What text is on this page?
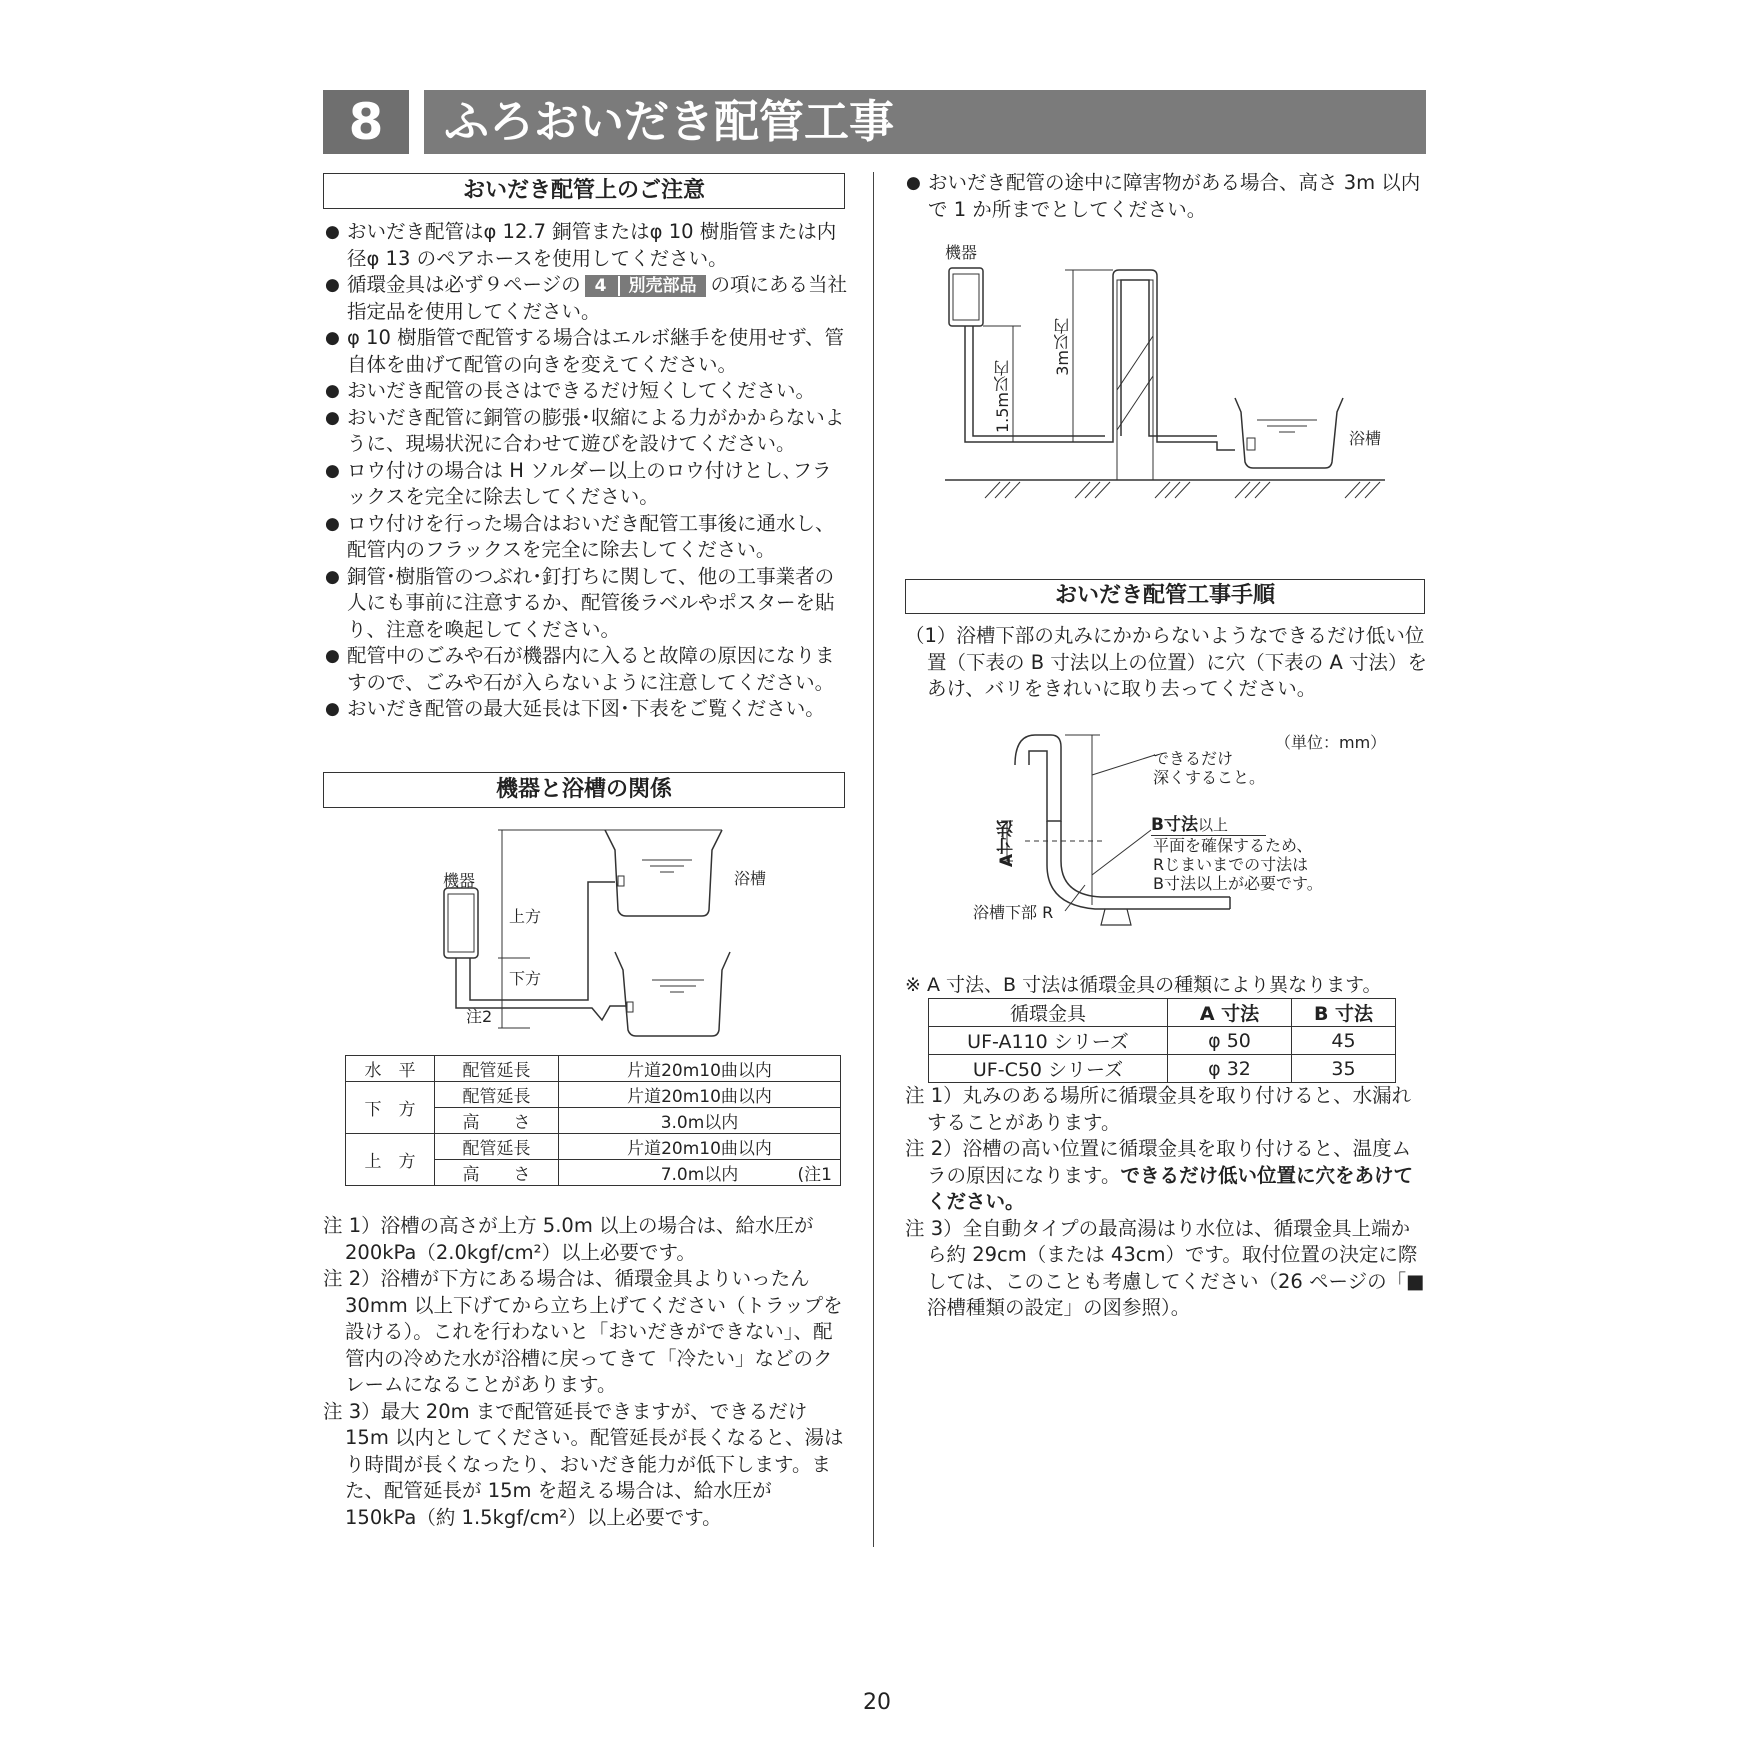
8	ふろおいだき配管工事
おいだき配管上のご注意
● おいだき配管はφ 12.7 銅管またはφ 10 樹脂管または内径φ 13 のペアホースを使用してください。
● 循環金具は必ず９ページの 4 別売部品 の項にある当社指定品を使用してください。
● φ 10 樹脂管で配管する場合はエルボ継手を使用せず、管自体を曲げて配管の向きを変えてください。
● おいだき配管の長さはできるだけ短くしてください。
● おいだき配管に銅管の膨張･収縮による力がかからないように、現場状況に合わせて遊びを設けてください。
● ロウ付けの場合は H ソルダー以上のロウ付けとし､フラックスを完全に除去してください。
● ロウ付けを行った場合はおいだき配管工事後に通水し、配管内のフラックスを完全に除去してください。
● 銅管･樹脂管のつぶれ･釘打ちに関して、他の工事業者の人にも事前に注意するか、配管後ラベルやポスターを貼り、注意を喚起してください。
● 配管中のごみや石が機器内に入ると故障の原因になりますので、ごみや石が入らないように注意してください。
● おいだき配管の最大延長は下図･下表をご覧ください。
機器と浴槽の関係
機器	浴槽
上方
下方
注2
水　平	配管延長	片道20m10曲以内
下　方	配管延長	片道20m10曲以内
	高　　さ	3.0m以内
上　方	配管延長	片道20m10曲以内
	高　　さ	7.0m以内 (注1
注 1）浴槽の高さが上方 5.0m 以上の場合は、給水圧が 200kPa（2.0kgf/cm²）以上必要です。
注 2）浴槽が下方にある場合は、循環金具よりいったん 30mm 以上下げてから立ち上げてください（トラップを設ける）。これを行わないと「おいだきができない」、配管内の冷めた水が浴槽に戻ってきて「冷たい」などのクレームになることがあります。
注 3）最大 20m まで配管延長できますが、できるだけ 15m 以内としてください。配管延長が長くなると、湯はり時間が長くなったり、おいだき能力が低下します。また、配管延長が 15m を超える場合は、給水圧が 150kPa（約 1.5kgf/cm²）以上必要です。
● おいだき配管の途中に障害物がある場合、高さ 3m 以内で 1 か所までとしてください。
機器
1.5m以内
3m以内
浴槽
おいだき配管工事手順
（1）浴槽下部の丸みにかからないようなできるだけ低い位置（下表の B 寸法以上の位置）に穴（下表の A 寸法）をあけ、バリをきれいに取り去ってください。
（単位：mm）
できるだけ
深くすること。
B寸法以上
平面を確保するため、
Rじまいまでの寸法は
B寸法以上が必要です。
A寸法
浴槽下部 R
※ A 寸法、B 寸法は循環金具の種類により異なります。
循環金具	A 寸法	B 寸法
UF-A110 シリーズ	φ 50	45
UF-C50 シリーズ	φ 32	35
注 1）丸みのある場所に循環金具を取り付けると、水漏れすることがあります。
注 2）浴槽の高い位置に循環金具を取り付けると、温度ムラの原因になります。できるだけ低い位置に穴をあけてください。
注 3）全自動タイプの最高湯はり水位は、循環金具上端から約 29cm（または 43cm）です。取付位置の決定に際しては、このことも考慮してください（26 ページの「■浴槽種類の設定」の図参照）。
20
